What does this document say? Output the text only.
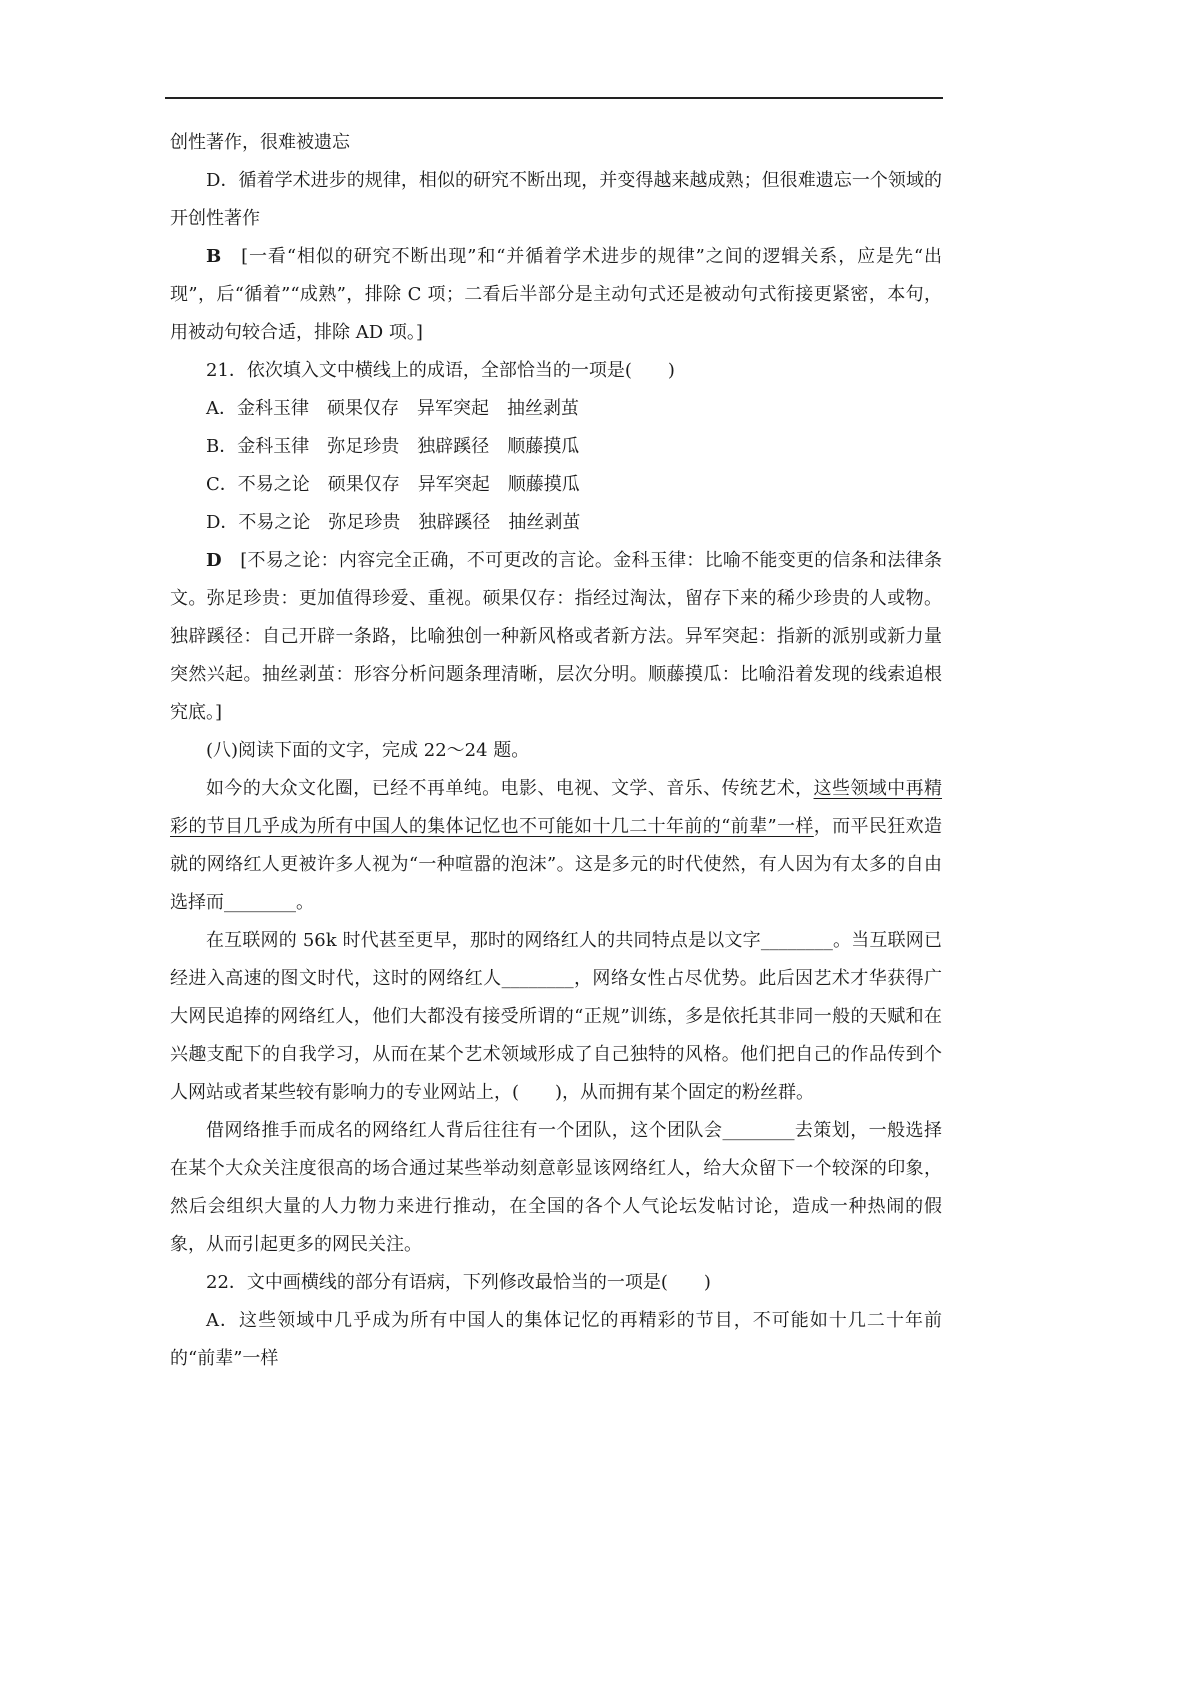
创性著作，很难被遗忘

D．循着学术进步的规律，相似的研究不断出现，并变得越来越成熟；但很难遗忘一个领域的开创性著作

B　 [一看“相似的研究不断出现”和“并循着学术进步的规律”之间的逻辑关系，应是先“出现”，后“循着”“成熟”，排除 C 项；二看后半部分是主动句式还是被动句式衔接更紧密，本句，用被动句较合适，排除 AD 项。]

21．依次填入文中横线上的成语，全部恰当的一项是(　　)

A．金科玉律　硕果仅存　异军突起　抽丝剥茧

B．金科玉律　弥足珍贵　独辟蹊径　顺藤摸瓜

C．不易之论　硕果仅存　异军突起　顺藤摸瓜

D．不易之论　弥足珍贵　独辟蹊径　抽丝剥茧

D　 [不易之论：内容完全正确，不可更改的言论。金科玉律：比喻不能变更的信条和法律条文。弥足珍贵：更加值得珍爱、重视。硕果仅存：指经过淘汰，留存下来的稀少珍贵的人或物。独辟蹊径：自己开辟一条路，比喻独创一种新风格或者新方法。异军突起：指新的派别或新力量突然兴起。抽丝剥茧：形容分析问题条理清晰，层次分明。顺藤摸瓜：比喻沿着发现的线索追根究底。]

(八)阅读下面的文字，完成 22～24 题。

如今的大众文化圈，已经不再单纯。电影、电视、文学、音乐、传统艺术，这些领域中再精彩的节目几乎成为所有中国人的集体记忆也不可能如十几二十年前的“前辈”一样，而平民狂欢造就的网络红人更被许多人视为“一种喧嚣的泡沫”。这是多元的时代使然，有人因为有太多的自由选择而________。

在互联网的 56k 时代甚至更早，那时的网络红人的共同特点是以文字________。当互联网已经进入高速的图文时代，这时的网络红人________，网络女性占尽优势。此后因艺术才华获得广大网民追捧的网络红人，他们大都没有接受所谓的“正规”训练，多是依托其非同一般的天赋和在兴趣支配下的自我学习，从而在某个艺术领域形成了自己独特的风格。他们把自己的作品传到个人网站或者某些较有影响力的专业网站上，(　　)，从而拥有某个固定的粉丝群。

借网络推手而成名的网络红人背后往往有一个团队，这个团队会________去策划，一般选择在某个大众关注度很高的场合通过某些举动刻意彰显该网络红人，给大众留下一个较深的印象，然后会组织大量的人力物力来进行推动，在全国的各个人气论坛发帖讨论，造成一种热闹的假象，从而引起更多的网民关注。

22．文中画横线的部分有语病，下列修改最恰当的一项是(　　)

A．这些领域中几乎成为所有中国人的集体记忆的再精彩的节目，不可能如十几二十年前的“前辈”一样
